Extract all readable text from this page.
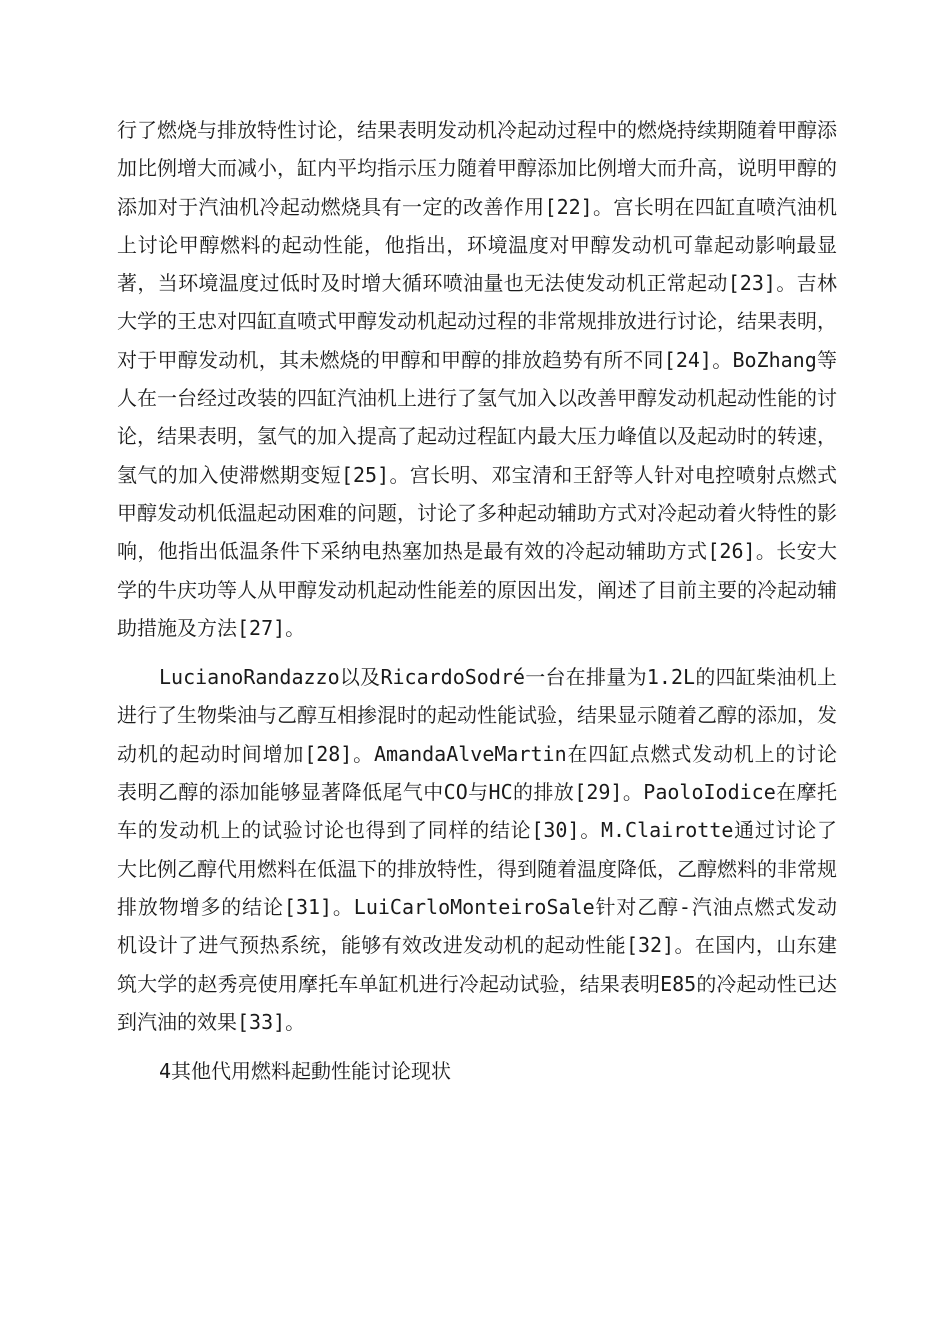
行了燃烧与排放特性讨论，结果表明发动机冷起动过程中的燃烧持续期随着甲醇添加比例增大而减小，缸内平均指示压力随着甲醇添加比例增大而升高，说明甲醇的添加对于汽油机冷起动燃烧具有一定的改善作用[22]。宫长明在四缸直喷汽油机上讨论甲醇燃料的起动性能，他指出，环境温度对甲醇发动机可靠起动影响最显著，当环境温度过低时及时增大循环喷油量也无法使发动机正常起动[23]。吉林大学的王忠对四缸直喷式甲醇发动机起动过程的非常规排放进行讨论，结果表明，对于甲醇发动机，其未燃烧的甲醇和甲醇的排放趋势有所不同[24]。BoZhang等人在一台经过改装的四缸汽油机上进行了氢气加入以改善甲醇发动机起动性能的讨论，结果表明，氢气的加入提高了起动过程缸内最大压力峰值以及起动时的转速，氢气的加入使滞燃期变短[25]。宫长明、邓宝清和王舒等人针对电控喷射点燃式甲醇发动机低温起动困难的问题，讨论了多种起动辅助方式对冷起动着火特性的影响，他指出低温条件下采纳电热塞加热是最有效的冷起动辅助方式[26]。长安大学的牛庆功等人从甲醇发动机起动性能差的原因出发，阐述了目前主要的冷起动辅助措施及方法[27]。

LucianoRandazzo以及RicardoSodré一台在排量为1.2L的四缸柴油机上进行了生物柴油与乙醇互相掺混时的起动性能试验，结果显示随着乙醇的添加，发动机的起动时间增加[28]。AmandaAlveMartin在四缸点燃式发动机上的讨论表明乙醇的添加能够显著降低尾气中CO与HC的排放[29]。PaoloIodice在摩托车的发动机上的试验讨论也得到了同样的结论[30]。M.Clairotte通过讨论了大比例乙醇代用燃料在低温下的排放特性，得到随着温度降低，乙醇燃料的非常规排放物增多的结论[31]。LuiCarloMonteiroSale针对乙醇-汽油点燃式发动机设计了进气预热系统，能够有效改进发动机的起动性能[32]。在国内，山东建筑大学的赵秀亮使用摩托车单缸机进行冷起动试验，结果表明E85的冷起动性已达到汽油的效果[33]。

4其他代用燃料起動性能讨论现状
